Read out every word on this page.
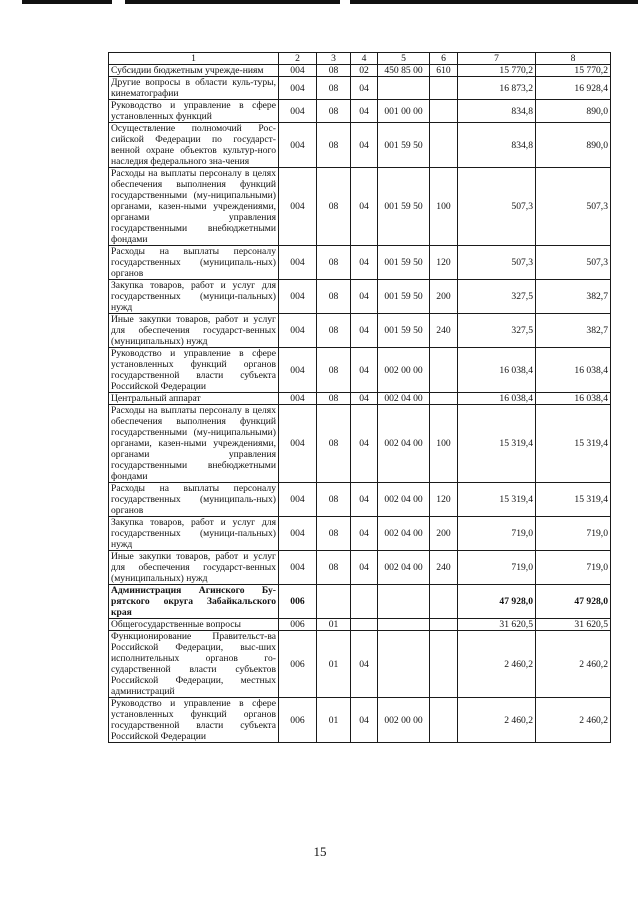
1	2	3	4	5	6	7	8
Субсидии бюджетным учрежде-ниям	004	08	02	450 85 00	610	15 770,2	15 770,2
Другие вопросы в области куль-туры, кинематографии	004	08	04			16 873,2	16 928,4
Руководство и управление в сфере установленных функций	004	08	04	001 00 00		834,8	890,0
Осуществление полномочий Рос-сийской Федерации по государст-венной охране объектов культур-ного наследия федерального зна-чения	004	08	04	001 59 50		834,8	890,0
Расходы на выплаты персоналу в целях обеспечения выполнения функций государственными (му-ниципальными) органами, казен-ными учреждениями, органами управления государственными внебюджетными фондами	004	08	04	001 59 50	100	507,3	507,3
Расходы на выплаты персоналу государственных (муниципаль-ных) органов	004	08	04	001 59 50	120	507,3	507,3
Закупка товаров, работ и услуг для государственных (муници-пальных) нужд	004	08	04	001 59 50	200	327,5	382,7
Иные закупки товаров, работ и услуг для обеспечения государст-венных (муниципальных) нужд	004	08	04	001 59 50	240	327,5	382,7
Руководство и управление в сфере установленных функций органов государственной власти субъекта Российской Федерации	004	08	04	002 00 00		16 038,4	16 038,4
Центральный аппарат	004	08	04	002 04 00		16 038,4	16 038,4
Расходы на выплаты персоналу в целях обеспечения выполнения функций государственными (му-ниципальными) органами, казен-ными учреждениями, органами управления государственными внебюджетными фондами	004	08	04	002 04 00	100	15 319,4	15 319,4
Расходы на выплаты персоналу государственных (муниципаль-ных) органов	004	08	04	002 04 00	120	15 319,4	15 319,4
Закупка товаров, работ и услуг для государственных (муници-пальных) нужд	004	08	04	002 04 00	200	719,0	719,0
Иные закупки товаров, работ и услуг для обеспечения государст-венных (муниципальных) нужд	004	08	04	002 04 00	240	719,0	719,0
Администрация Агинского Бу-рятского округа Забайкальского края	006					47 928,0	47 928,0
Общегосударственные вопросы	006	01				31 620,5	31 620,5
Функционирование Правительст-ва Российской Федерации, выс-ших исполнительных органов го-сударственной власти субъектов Российской Федерации, местных администраций	006	01	04			2 460,2	2 460,2
Руководство и управление в сфере установленных функций органов государственной власти субъекта Российской Федерации	006	01	04	002 00 00		2 460,2	2 460,2
15
